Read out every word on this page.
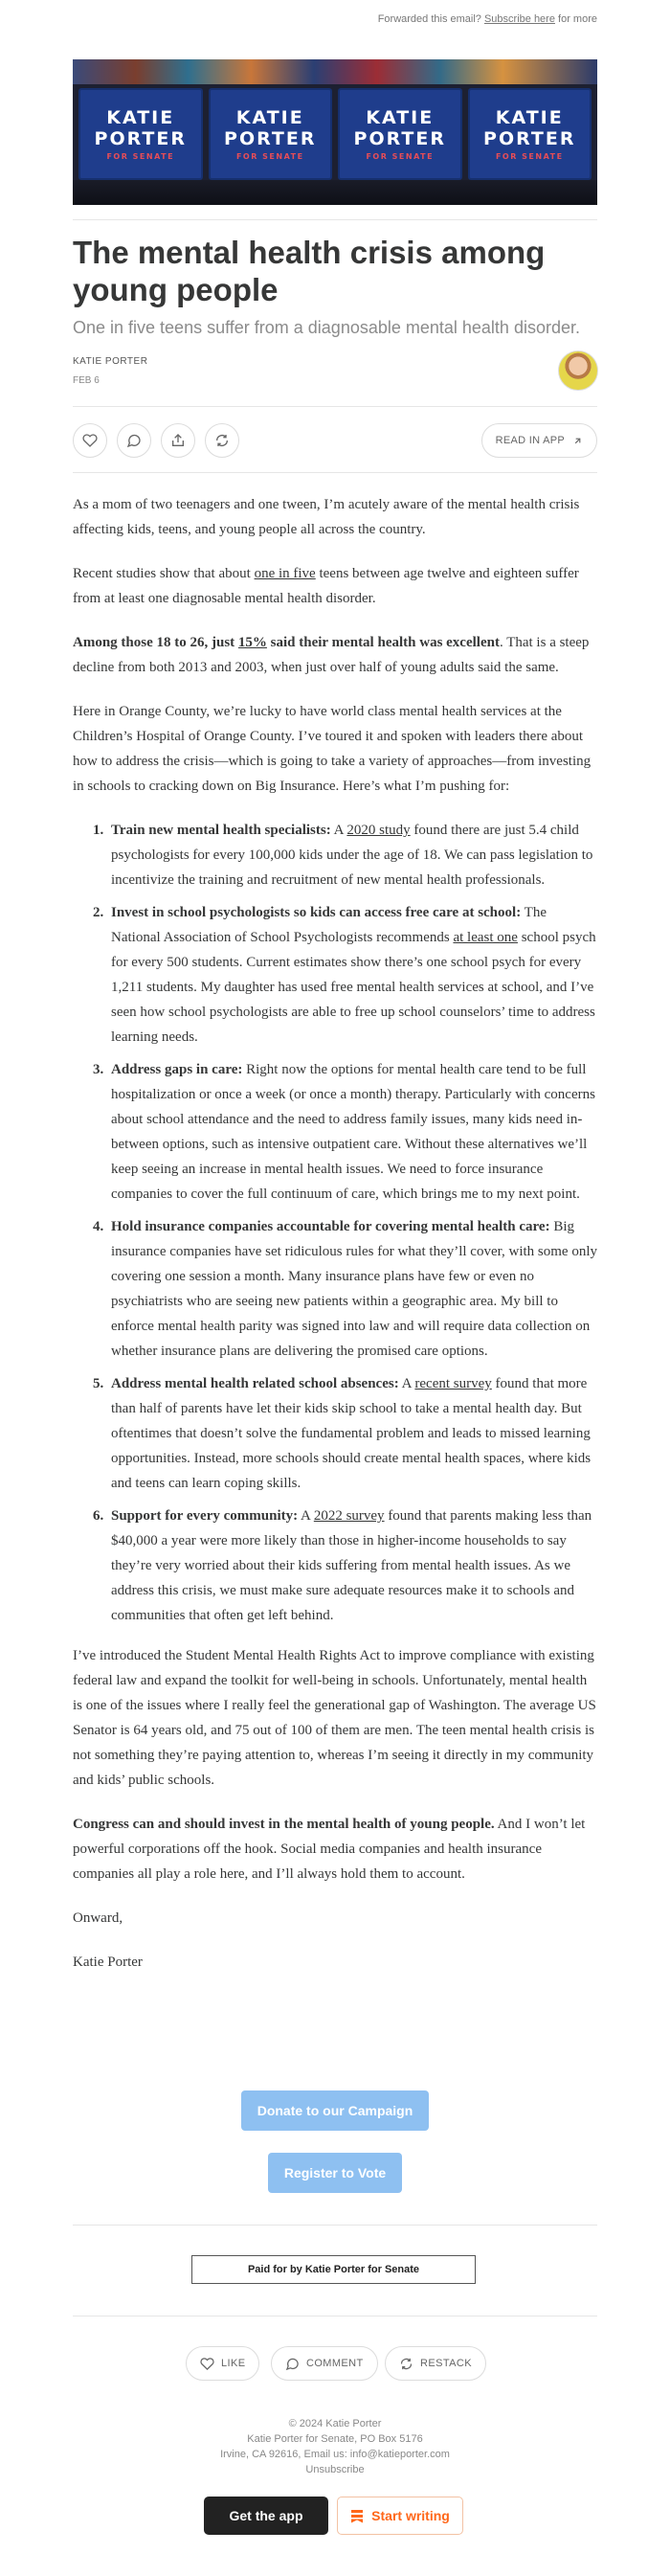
Forwarded this email? Subscribe here for more
KATIE
PORTER
FOR SENATE
KATIE
PORTER
FOR SENATE
KATIE
PORTER
FOR SENATE
KATIE
PORTER
FOR SENATE
The mental health crisis among young people
One in five teens suffer from a diagnosable mental health disorder.
KATIE PORTER
FEB 6
READ IN APP

As a mom of two teenagers and one tween, I’m acutely aware of the mental health crisis affecting kids, teens, and young people all across the country.

Recent studies show that about one in five teens between age twelve and eighteen suffer from at least one diagnosable mental health disorder.

Among those 18 to 26, just 15% said their mental health was excellent. That is a steep decline from both 2013 and 2003, when just over half of young adults said the same.

Here in Orange County, we’re lucky to have world class mental health services at the Children’s Hospital of Orange County. I’ve toured it and spoken with leaders there about how to address the crisis—which is going to take a variety of approaches—from investing in schools to cracking down on Big Insurance. Here’s what I’m pushing for:

1. Train new mental health specialists: A 2020 study found there are just 5.4 child psychologists for every 100,000 kids under the age of 18. We can pass legislation to incentivize the training and recruitment of new mental health professionals.
2. Invest in school psychologists so kids can access free care at school: The National Association of School Psychologists recommends at least one school psych for every 500 students. Current estimates show there’s one school psych for every 1,211 students. My daughter has used free mental health services at school, and I’ve seen how school psychologists are able to free up school counselors’ time to address learning needs.
3. Address gaps in care: Right now the options for mental health care tend to be full hospitalization or once a week (or once a month) therapy. Particularly with concerns about school attendance and the need to address family issues, many kids need in-between options, such as intensive outpatient care. Without these alternatives we’ll keep seeing an increase in mental health issues. We need to force insurance companies to cover the full continuum of care, which brings me to my next point.
4. Hold insurance companies accountable for covering mental health care: Big insurance companies have set ridiculous rules for what they’ll cover, with some only covering one session a month. Many insurance plans have few or even no psychiatrists who are seeing new patients within a geographic area. My bill to enforce mental health parity was signed into law and will require data collection on whether insurance plans are delivering the promised care options.
5. Address mental health related school absences: A recent survey found that more than half of parents have let their kids skip school to take a mental health day. But oftentimes that doesn’t solve the fundamental problem and leads to missed learning opportunities. Instead, more schools should create mental health spaces, where kids and teens can learn coping skills.
6. Support for every community: A 2022 survey found that parents making less than $40,000 a year were more likely than those in higher-income households to say they’re very worried about their kids suffering from mental health issues. As we address this crisis, we must make sure adequate resources make it to schools and communities that often get left behind.

I’ve introduced the Student Mental Health Rights Act to improve compliance with existing federal law and expand the toolkit for well-being in schools. Unfortunately, mental health is one of the issues where I really feel the generational gap of Washington. The average US Senator is 64 years old, and 75 out of 100 of them are men. The teen mental health crisis is not something they’re paying attention to, whereas I’m seeing it directly in my community and kids’ public schools.

Congress can and should invest in the mental health of young people. And I won’t let powerful corporations off the hook. Social media companies and health insurance companies all play a role here, and I’ll always hold them to account.

Onward,

Katie Porter

Donate to our Campaign
Register to Vote
Paid for by Katie Porter for Senate
LIKE	COMMENT	RESTACK
© 2024 Katie Porter
Katie Porter for Senate, PO Box 5176
Irvine, CA 92616, Email us: info@katieporter.com
Unsubscribe
Get the app	Start writing
